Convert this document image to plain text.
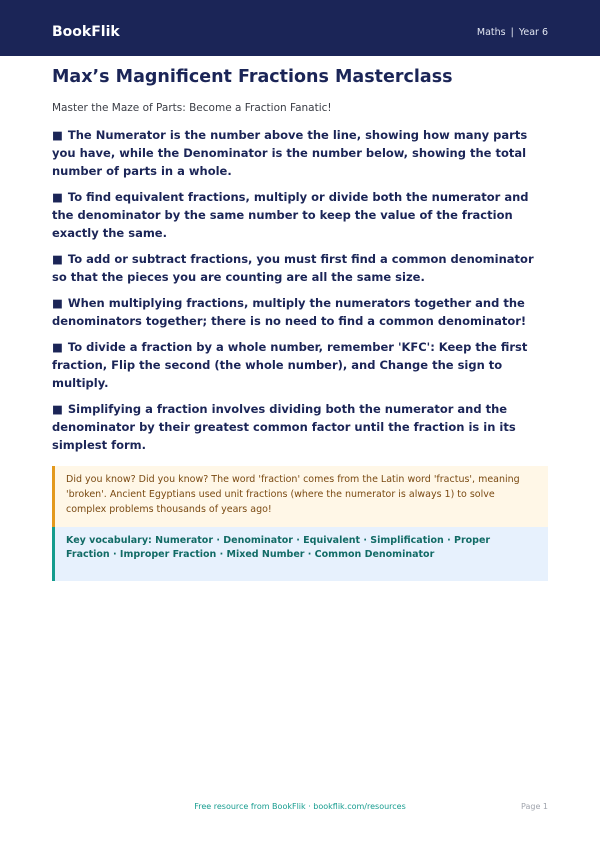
BookFlik	Maths | Year 6
Max’s Magnificent Fractions Masterclass

Master the Maze of Parts: Become a Fraction Fanatic!

■ The Numerator is the number above the line, showing how many parts you have, while the Denominator is the number below, showing the total number of parts in a whole.
■ To find equivalent fractions, multiply or divide both the numerator and the denominator by the same number to keep the value of the fraction exactly the same.
■ To add or subtract fractions, you must first find a common denominator so that the pieces you are counting are all the same size.
■ When multiplying fractions, multiply the numerators together and the denominators together; there is no need to find a common denominator!
■ To divide a fraction by a whole number, remember 'KFC': Keep the first fraction, Flip the second (the whole number), and Change the sign to multiply.
■ Simplifying a fraction involves dividing both the numerator and the denominator by their greatest common factor until the fraction is in its simplest form.
Did you know? Did you know? The word 'fraction' comes from the Latin word 'fractus', meaning 'broken'. Ancient Egyptians used unit fractions (where the numerator is always 1) to solve complex problems thousands of years ago!
Key vocabulary: Numerator · Denominator · Equivalent · Simplification · Proper Fraction · Improper Fraction · Mixed Number · Common Denominator
Free resource from BookFlik · bookflik.com/resources	Page 1
